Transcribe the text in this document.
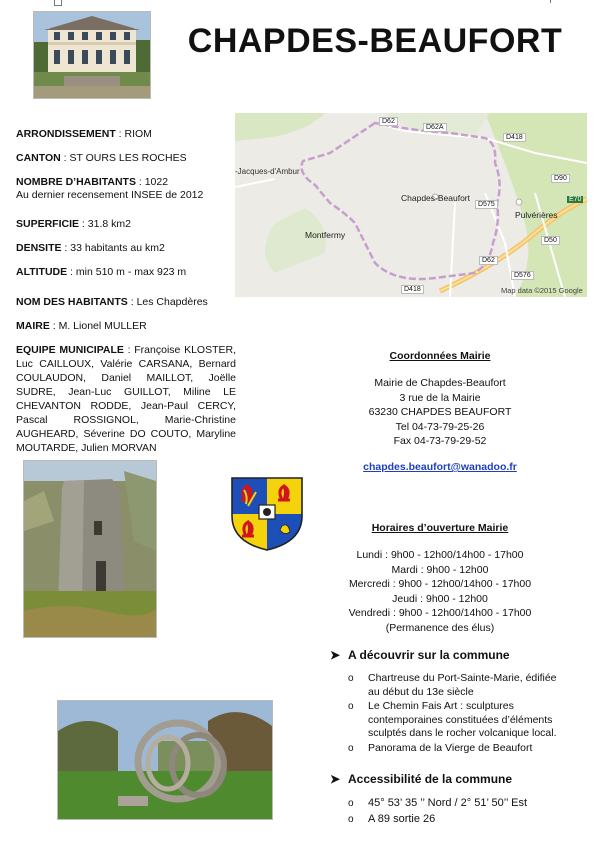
CHAPDES-BEAUFORT
ARRONDISSEMENT : RIOM
CANTON : ST OURS LES ROCHES
NOMBRE D’HABITANTS : 1022
Au dernier recensement INSEE de 2012
SUPERFICIE : 31.8 km2
DENSITE : 33 habitants au km2
ALTITUDE : min 510 m - max 923 m
NOM DES HABITANTS : Les Chapdères
MAIRE : M. Lionel MULLER
EQUIPE MUNICIPALE : Françoise KLOSTER, Luc CAILLOUX, Valérie CARSANA, Bernard COULAUDON, Daniel MAILLOT, Joëlle SUDRE, Jean-Luc GUILLOT, Miline LE CHEVANTON RODDE, Jean-Paul CERCY, Pascal ROSSIGNOL, Marie-Christine AUGHEARD, Séverine DO COUTO, Maryline MOUTARDE, Julien MORVAN
D62
D62A
D418
D90
E70
-Jacques-d'Ambur
Chapdes-Beaufort
Pulvérières
D575
D50
Montfermy
D62
D576
D418	Map data ©2015 Google
Coordonnées Mairie
Mairie de Chapdes-Beaufort
3 rue de la Mairie
63230 CHAPDES BEAUFORT
Tel 04-73-79-25-26
Fax 04-73-79-29-52
chapdes.beaufort@wanadoo.fr
Horaires d’ouverture Mairie
Lundi : 9h00 - 12h00/14h00 - 17h00
Mardi : 9h00 - 12h00
Mercredi : 9h00 - 12h00/14h00 - 17h00
Jeudi : 9h00 - 12h00
Vendredi : 9h00 - 12h00/14h00 - 17h00
(Permanence des élus)
➤ A découvrir sur la commune
o Chartreuse du Port-Sainte-Marie, édifiée au début du 13e siècle
o Le Chemin Fais Art : sculptures contemporaines constituées d’éléments sculptés dans le rocher volcanique local.
o Panorama de la Vierge de Beaufort
➤ Accessibilité de la commune
o 45° 53’ 35 ’’ Nord / 2° 51’ 50’’ Est
o A 89 sortie 26
